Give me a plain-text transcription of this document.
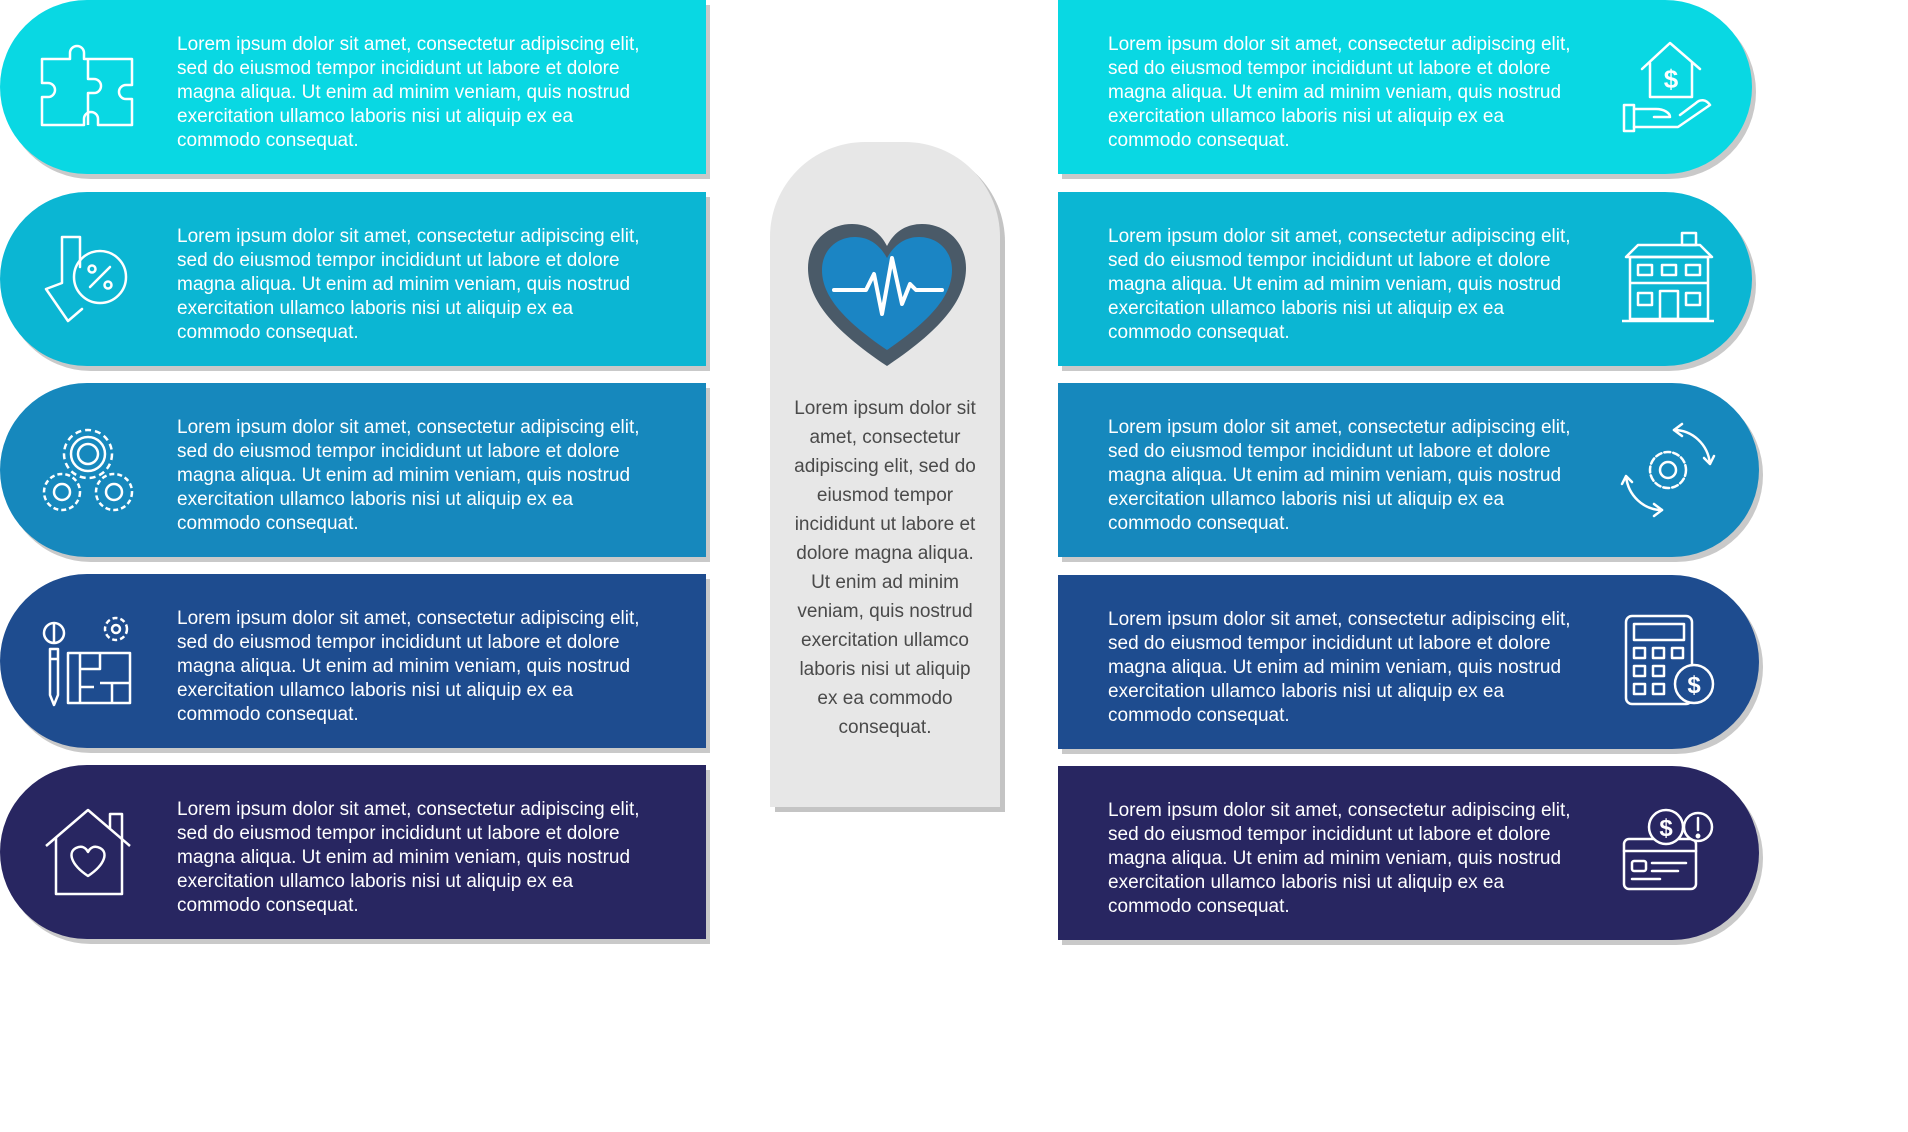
Lorem ipsum dolor sit amet, consectetur adipiscing elit, sed do eiusmod tempor incididunt ut labore et dolore magna aliqua. Ut enim ad minim veniam, quis nostrud exercitation ullamco laboris nisi ut aliquip ex ea commodo consequat.
Lorem ipsum dolor sit amet, consectetur adipiscing elit, sed do eiusmod tempor incididunt ut labore et dolore magna aliqua. Ut enim ad minim veniam, quis nostrud exercitation ullamco laboris nisi ut aliquip ex ea commodo consequat.
Lorem ipsum dolor sit amet, consectetur adipiscing elit, sed do eiusmod tempor incididunt ut labore et dolore magna aliqua. Ut enim ad minim veniam, quis nostrud exercitation ullamco laboris nisi ut aliquip ex ea commodo consequat.
Lorem ipsum dolor sit amet, consectetur adipiscing elit, sed do eiusmod tempor incididunt ut labore et dolore magna aliqua. Ut enim ad minim veniam, quis nostrud exercitation ullamco laboris nisi ut aliquip ex ea commodo consequat.
Lorem ipsum dolor sit amet, consectetur adipiscing elit, sed do eiusmod tempor incididunt ut labore et dolore magna aliqua. Ut enim ad minim veniam, quis nostrud exercitation ullamco laboris nisi ut aliquip ex ea commodo consequat.
Lorem ipsum dolor sit amet, consectetur adipiscing elit, sed do eiusmod tempor incididunt ut labore et dolore magna aliqua. Ut enim ad minim veniam, quis nostrud exercitation ullamco laboris nisi ut aliquip ex ea commodo consequat.
Lorem ipsum dolor sit amet, consectetur adipiscing elit, sed do eiusmod tempor incididunt ut labore et dolore magna aliqua. Ut enim ad minim veniam, quis nostrud exercitation ullamco laboris nisi ut aliquip ex ea commodo consequat.
$
Lorem ipsum dolor sit amet, consectetur adipiscing elit, sed do eiusmod tempor incididunt ut labore et dolore magna aliqua. Ut enim ad minim veniam, quis nostrud exercitation ullamco laboris nisi ut aliquip ex ea commodo consequat.
Lorem ipsum dolor sit amet, consectetur adipiscing elit, sed do eiusmod tempor incididunt ut labore et dolore magna aliqua. Ut enim ad minim veniam, quis nostrud exercitation ullamco laboris nisi ut aliquip ex ea commodo consequat.
Lorem ipsum dolor sit amet, consectetur adipiscing elit, sed do eiusmod tempor incididunt ut labore et dolore magna aliqua. Ut enim ad minim veniam, quis nostrud exercitation ullamco laboris nisi ut aliquip ex ea commodo consequat.
$
Lorem ipsum dolor sit amet, consectetur adipiscing elit, sed do eiusmod tempor incididunt ut labore et dolore magna aliqua. Ut enim ad minim veniam, quis nostrud exercitation ullamco laboris nisi ut aliquip ex ea commodo consequat.
$
